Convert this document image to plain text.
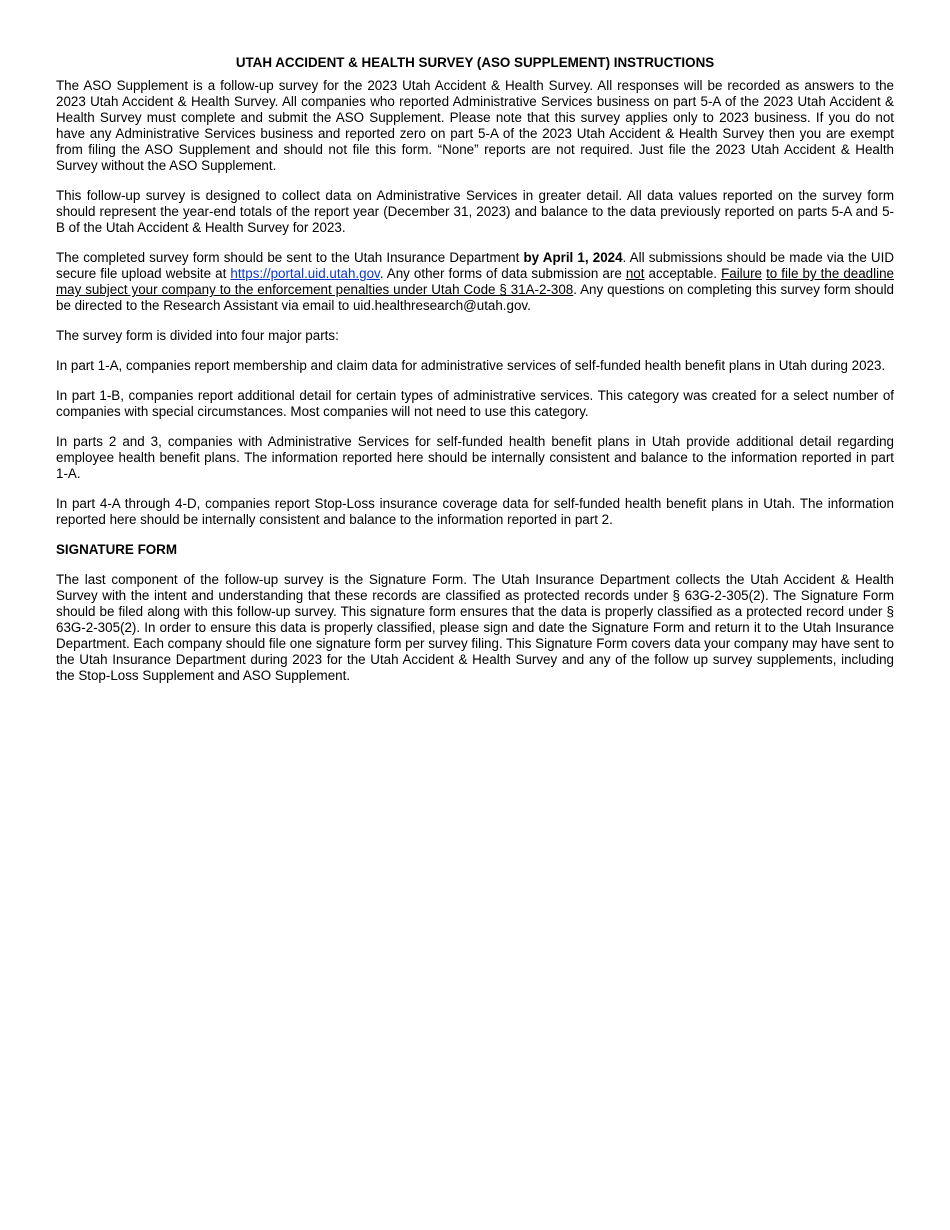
UTAH ACCIDENT & HEALTH SURVEY (ASO SUPPLEMENT) INSTRUCTIONS

The ASO Supplement is a follow-up survey for the 2023 Utah Accident & Health Survey. All responses will be recorded as answers to the 2023 Utah Accident & Health Survey. All companies who reported Administrative Services business on part 5-A of the 2023 Utah Accident & Health Survey must complete and submit the ASO Supplement. Please note that this survey applies only to 2023 business. If you do not have any Administrative Services business and reported zero on part 5-A of the 2023 Utah Accident & Health Survey then you are exempt from filing the ASO Supplement and should not file this form. “None” reports are not required. Just file the 2023 Utah Accident & Health Survey without the ASO Supplement.

This follow-up survey is designed to collect data on Administrative Services in greater detail. All data values reported on the survey form should represent the year-end totals of the report year (December 31, 2023) and balance to the data previously reported on parts 5-A and 5-B of the Utah Accident & Health Survey for 2023.

The completed survey form should be sent to the Utah Insurance Department by April 1, 2024. All submissions should be made via the UID secure file upload website at https://portal.uid.utah.gov. Any other forms of data submission are not acceptable. Failure to file by the deadline may subject your company to the enforcement penalties under Utah Code § 31A-2-308. Any questions on completing this survey form should be directed to the Research Assistant via email to uid.healthresearch@utah.gov.

The survey form is divided into four major parts:

In part 1-A, companies report membership and claim data for administrative services of self-funded health benefit plans in Utah during 2023.

In part 1-B, companies report additional detail for certain types of administrative services. This category was created for a select number of companies with special circumstances. Most companies will not need to use this category.

In parts 2 and 3, companies with Administrative Services for self-funded health benefit plans in Utah provide additional detail regarding employee health benefit plans. The information reported here should be internally consistent and balance to the information reported in part 1-A.

In part 4-A through 4-D, companies report Stop-Loss insurance coverage data for self-funded health benefit plans in Utah. The information reported here should be internally consistent and balance to the information reported in part 2.

SIGNATURE FORM

The last component of the follow-up survey is the Signature Form. The Utah Insurance Department collects the Utah Accident & Health Survey with the intent and understanding that these records are classified as protected records under § 63G-2-305(2). The Signature Form should be filed along with this follow-up survey. This signature form ensures that the data is properly classified as a protected record under § 63G-2-305(2). In order to ensure this data is properly classified, please sign and date the Signature Form and return it to the Utah Insurance Department. Each company should file one signature form per survey filing. This Signature Form covers data your company may have sent to the Utah Insurance Department during 2023 for the Utah Accident & Health Survey and any of the follow up survey supplements, including the Stop-Loss Supplement and ASO Supplement.
